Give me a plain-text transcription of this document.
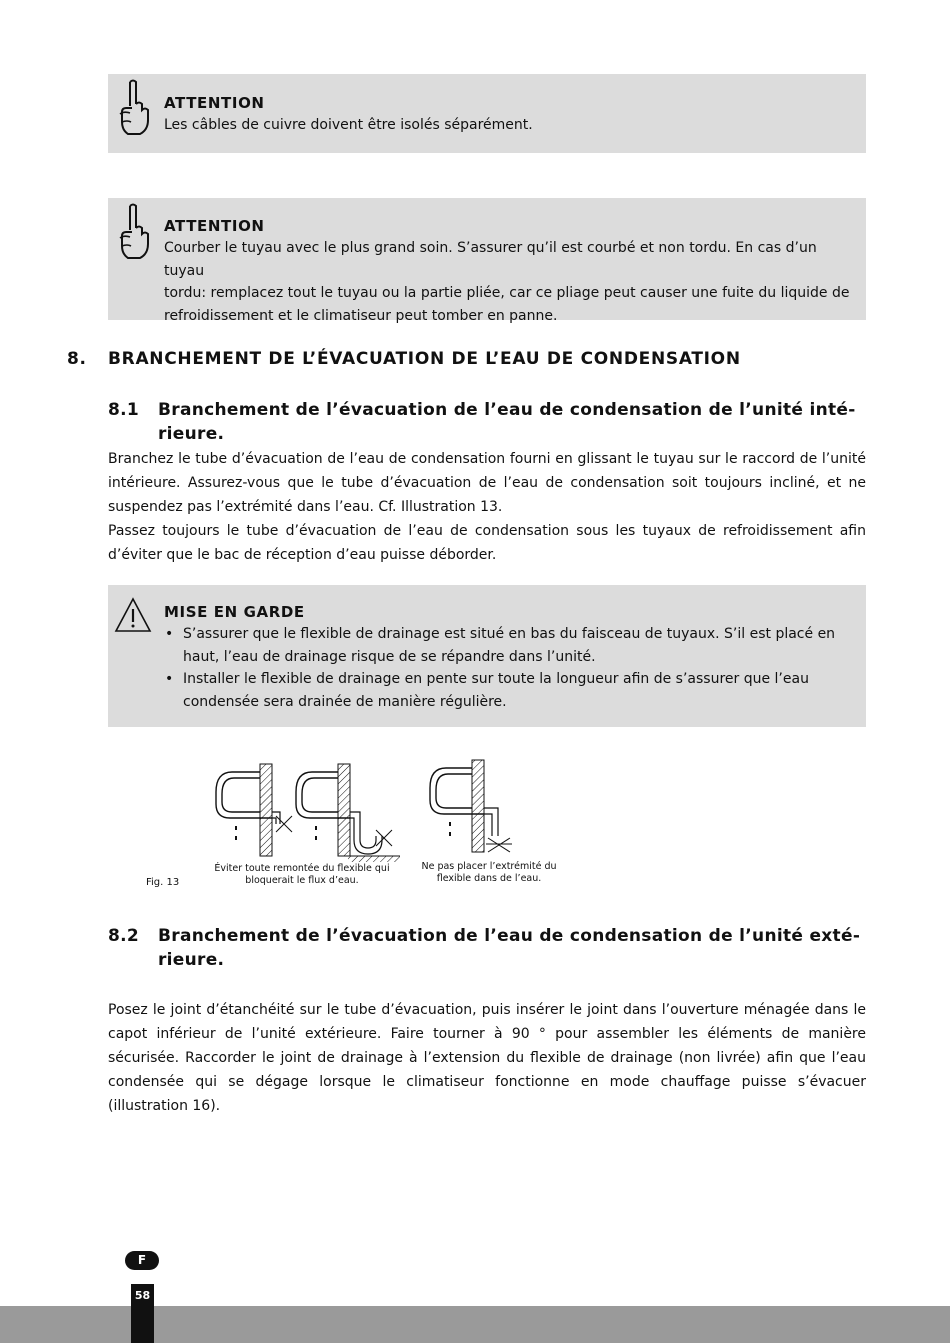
ATTENTION
Les câbles de cuivre doivent être isolés séparément.
ATTENTION
Courber le tuyau avec le plus grand soin. S’assurer qu’il est courbé et non tordu. En cas d’un tuyau
tordu: remplacez tout le tuyau ou la partie pliée, car ce pliage peut causer une fuite du liquide de
refroidissement et le climatiseur peut tomber en panne.
8. BRANCHEMENT DE L’ÉVACUATION DE L’EAU DE CONDENSATION
8.1	Branchement de l’évacuation de l’eau de condensation de l’unité inté-
rieure.

Branchez le tube d’évacuation de l’eau de condensation fourni en glissant le tuyau sur le raccord de l’unité intérieure. Assurez-vous que le tube d’évacuation de l’eau de condensation soit toujours incliné, et ne suspendez pas l’extrémité dans l’eau. Cf. Illustration 13.

Passez toujours le tube d’évacuation de l’eau de condensation sous les tuyaux de refroidissement afin d’éviter que le bac de réception d’eau puisse déborder.

MISE EN GARDE
• S’assurer que le flexible de drainage est situé en bas du faisceau de tuyaux. S’il est placé en haut, l’eau de drainage risque de se répandre dans l’unité.
• Installer le flexible de drainage en pente sur toute la longueur afin de s’assurer que l’eau condensée sera drainée de manière régulière.
Fig. 13
Éviter toute remontée du flexible qui
bloquerait le flux d’eau.
Ne pas placer l’extrémité du
flexible dans de l’eau.
8.2	Branchement de l’évacuation de l’eau de condensation de l’unité exté-
rieure.

Posez le joint d’étanchéité sur le tube d’évacuation, puis insérer le joint dans l’ouverture ménagée dans le capot inférieur de l’unité extérieure. Faire tourner à 90 ° pour assembler les éléments de manière sécurisée. Raccorder le joint de drainage à l’extension du flexible de drainage (non livrée) afin que l’eau condensée qui se dégage lorsque le climatiseur fonctionne en mode chauffage puisse s’évacuer (illustration 16).

F
58
